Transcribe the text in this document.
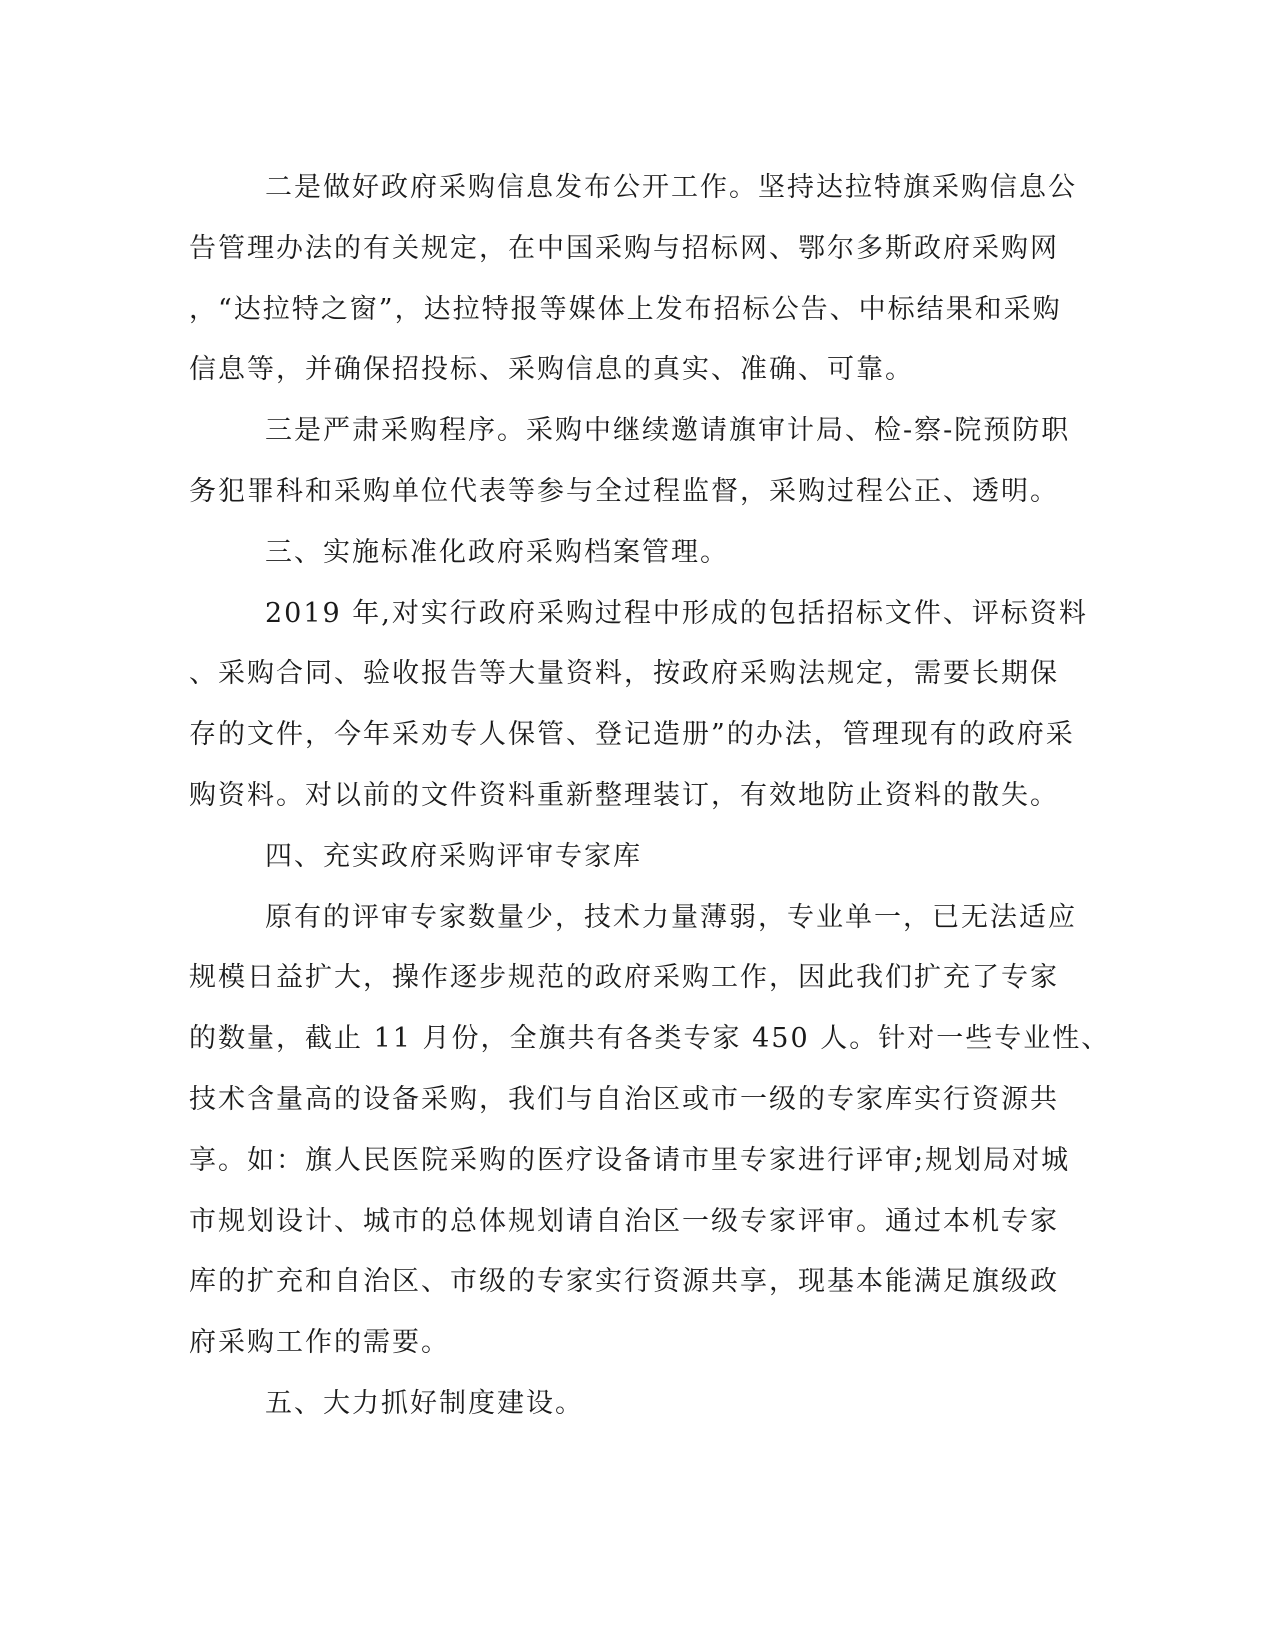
二是做好政府采购信息发布公开工作。坚持达拉特旗采购信息公

告管理办法的有关规定，在中国采购与招标网、鄂尔多斯政府采购网

，“达拉特之窗”，达拉特报等媒体上发布招标公告、中标结果和采购

信息等，并确保招投标、采购信息的真实、准确、可靠。

三是严肃采购程序。采购中继续邀请旗审计局、检-察-院预防职

务犯罪科和采购单位代表等参与全过程监督，采购过程公正、透明。

三、实施标准化政府采购档案管理。

2019 年,对实行政府采购过程中形成的包括招标文件、评标资料

、采购合同、验收报告等大量资料，按政府采购法规定，需要长期保

存的文件，今年采劝专人保管、登记造册”的办法，管理现有的政府采

购资料。对以前的文件资料重新整理装订，有效地防止资料的散失。

四、充实政府采购评审专家库

原有的评审专家数量少，技术力量薄弱，专业单一，已无法适应

规模日益扩大，操作逐步规范的政府采购工作，因此我们扩充了专家

的数量，截止 11 月份，全旗共有各类专家 450 人。针对一些专业性、

技术含量高的设备采购，我们与自治区或市一级的专家库实行资源共

享。如：旗人民医院采购的医疗设备请市里专家进行评审;规划局对城

市规划设计、城市的总体规划请自治区一级专家评审。通过本机专家

库的扩充和自治区、市级的专家实行资源共享，现基本能满足旗级政

府采购工作的需要。

五、大力抓好制度建设。
